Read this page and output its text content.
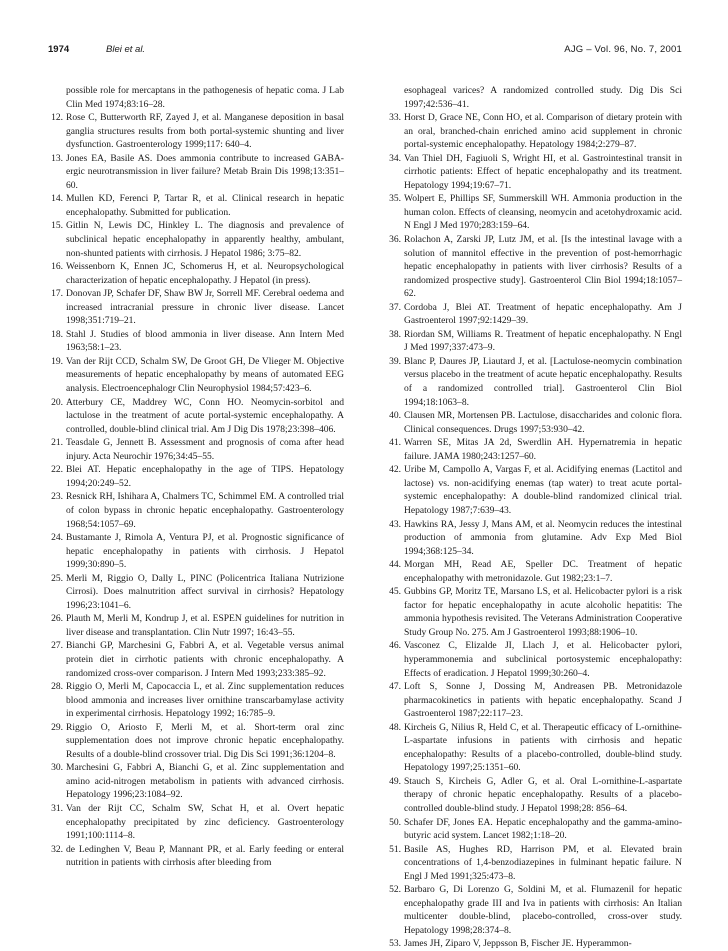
1974	Blei et al.	AJG – Vol. 96, No. 7, 2001

possible role for mercaptans in the pathogenesis of hepatic coma. J Lab Clin Med 1974;83:16–28.

12. Rose C, Butterworth RF, Zayed J, et al. Manganese deposition in basal ganglia structures results from both portal-systemic shunting and liver dysfunction. Gastroenterology 1999;117: 640–4.

13. Jones EA, Basile AS. Does ammonia contribute to increased GABA-ergic neurotransmission in liver failure? Metab Brain Dis 1998;13:351–60.

14. Mullen KD, Ferenci P, Tartar R, et al. Clinical research in hepatic encephalopathy. Submitted for publication.

15. Gitlin N, Lewis DC, Hinkley L. The diagnosis and prevalence of subclinical hepatic encephalopathy in apparently healthy, ambulant, non-shunted patients with cirrhosis. J Hepatol 1986; 3:75–82.

16. Weissenborn K, Ennen JC, Schomerus H, et al. Neuropsychological characterization of hepatic encephalopathy. J Hepatol (in press).

17. Donovan JP, Schafer DF, Shaw BW Jr, Sorrell MF. Cerebral oedema and increased intracranial pressure in chronic liver disease. Lancet 1998;351:719–21.

18. Stahl J. Studies of blood ammonia in liver disease. Ann Intern Med 1963;58:1–23.

19. Van der Rijt CCD, Schalm SW, De Groot GH, De Vlieger M. Objective measurements of hepatic encephalopathy by means of automated EEG analysis. Electroencephalogr Clin Neurophysiol 1984;57:423–6.

20. Atterbury CE, Maddrey WC, Conn HO. Neomycin-sorbitol and lactulose in the treatment of acute portal-systemic encephalopathy. A controlled, double-blind clinical trial. Am J Dig Dis 1978;23:398–406.

21. Teasdale G, Jennett B. Assessment and prognosis of coma after head injury. Acta Neurochir 1976;34:45–55.

22. Blei AT. Hepatic encephalopathy in the age of TIPS. Hepatology 1994;20:249–52.

23. Resnick RH, Ishihara A, Chalmers TC, Schimmel EM. A controlled trial of colon bypass in chronic hepatic encephalopathy. Gastroenterology 1968;54:1057–69.

24. Bustamante J, Rimola A, Ventura PJ, et al. Prognostic significance of hepatic encephalopathy in patients with cirrhosis. J Hepatol 1999;30:890–5.

25. Merli M, Riggio O, Dally L, PINC (Policentrica Italiana Nutrizione Cirrosi). Does malnutrition affect survival in cirrhosis? Hepatology 1996;23:1041–6.

26. Plauth M, Merli M, Kondrup J, et al. ESPEN guidelines for nutrition in liver disease and transplantation. Clin Nutr 1997; 16:43–55.

27. Bianchi GP, Marchesini G, Fabbri A, et al. Vegetable versus animal protein diet in cirrhotic patients with chronic encephalopathy. A randomized cross-over comparison. J Intern Med 1993;233:385–92.

28. Riggio O, Merli M, Capocaccia L, et al. Zinc supplementation reduces blood ammonia and increases liver ornithine transcarbamylase activity in experimental cirrhosis. Hepatology 1992; 16:785–9.

29. Riggio O, Ariosto F, Merli M, et al. Short-term oral zinc supplementation does not improve chronic hepatic encephalopathy. Results of a double-blind crossover trial. Dig Dis Sci 1991;36:1204–8.

30. Marchesini G, Fabbri A, Bianchi G, et al. Zinc supplementation and amino acid-nitrogen metabolism in patients with advanced cirrhosis. Hepatology 1996;23:1084–92.

31. Van der Rijt CC, Schalm SW, Schat H, et al. Overt hepatic encephalopathy precipitated by zinc deficiency. Gastroenterology 1991;100:1114–8.

32. de Ledinghen V, Beau P, Mannant PR, et al. Early feeding or enteral nutrition in patients with cirrhosis after bleeding from

esophageal varices? A randomized controlled study. Dig Dis Sci 1997;42:536–41.

33. Horst D, Grace NE, Conn HO, et al. Comparison of dietary protein with an oral, branched-chain enriched amino acid supplement in chronic portal-systemic encephalopathy. Hepatology 1984;2:279–87.

34. Van Thiel DH, Fagiuoli S, Wright HI, et al. Gastrointestinal transit in cirrhotic patients: Effect of hepatic encephalopathy and its treatment. Hepatology 1994;19:67–71.

35. Wolpert E, Phillips SF, Summerskill WH. Ammonia production in the human colon. Effects of cleansing, neomycin and acetohydroxamic acid. N Engl J Med 1970;283:159–64.

36. Rolachon A, Zarski JP, Lutz JM, et al. [Is the intestinal lavage with a solution of mannitol effective in the prevention of post-hemorrhagic hepatic encephalopathy in patients with liver cirrhosis? Results of a randomized prospective study]. Gastroenterol Clin Biol 1994;18:1057–62.

37. Cordoba J, Blei AT. Treatment of hepatic encephalopathy. Am J Gastroenterol 1997;92:1429–39.

38. Riordan SM, Williams R. Treatment of hepatic encephalopathy. N Engl J Med 1997;337:473–9.

39. Blanc P, Daures JP, Liautard J, et al. [Lactulose-neomycin combination versus placebo in the treatment of acute hepatic encephalopathy. Results of a randomized controlled trial]. Gastroenterol Clin Biol 1994;18:1063–8.

40. Clausen MR, Mortensen PB. Lactulose, disaccharides and colonic flora. Clinical consequences. Drugs 1997;53:930–42.

41. Warren SE, Mitas JA 2d, Swerdlin AH. Hypernatremia in hepatic failure. JAMA 1980;243:1257–60.

42. Uribe M, Campollo A, Vargas F, et al. Acidifying enemas (Lactitol and lactose) vs. non-acidifying enemas (tap water) to treat acute portal-systemic encephalopathy: A double-blind randomized clinical trial. Hepatology 1987;7:639–43.

43. Hawkins RA, Jessy J, Mans AM, et al. Neomycin reduces the intestinal production of ammonia from glutamine. Adv Exp Med Biol 1994;368:125–34.

44. Morgan MH, Read AE, Speller DC. Treatment of hepatic encephalopathy with metronidazole. Gut 1982;23:1–7.

45. Gubbins GP, Moritz TE, Marsano LS, et al. Helicobacter pylori is a risk factor for hepatic encephalopathy in acute alcoholic hepatitis: The ammonia hypothesis revisited. The Veterans Administration Cooperative Study Group No. 275. Am J Gastroenterol 1993;88:1906–10.

46. Vasconez C, Elizalde JI, Llach J, et al. Helicobacter pylori, hyperammonemia and subclinical portosystemic encephalopathy: Effects of eradication. J Hepatol 1999;30:260–4.

47. Loft S, Sonne J, Dossing M, Andreasen PB. Metronidazole pharmacokinetics in patients with hepatic encephalopathy. Scand J Gastroenterol 1987;22:117–23.

48. Kircheis G, Nilius R, Held C, et al. Therapeutic efficacy of L-ornithine-L-aspartate infusions in patients with cirrhosis and hepatic encephalopathy: Results of a placebo-controlled, double-blind study. Hepatology 1997;25:1351–60.

49. Stauch S, Kircheis G, Adler G, et al. Oral L-ornithine-L-aspartate therapy of chronic hepatic encephalopathy. Results of a placebo-controlled double-blind study. J Hepatol 1998;28: 856–64.

50. Schafer DF, Jones EA. Hepatic encephalopathy and the gamma-amino-butyric acid system. Lancet 1982;1:18–20.

51. Basile AS, Hughes RD, Harrison PM, et al. Elevated brain concentrations of 1,4-benzodiazepines in fulminant hepatic failure. N Engl J Med 1991;325:473–8.

52. Barbaro G, Di Lorenzo G, Soldini M, et al. Flumazenil for hepatic encephalopathy grade III and Iva in patients with cirrhosis: An Italian multicenter double-blind, placebo-controlled, cross-over study. Hepatology 1998;28:374–8.

53. James JH, Ziparo V, Jeppsson B, Fischer JE. Hyperammon-
